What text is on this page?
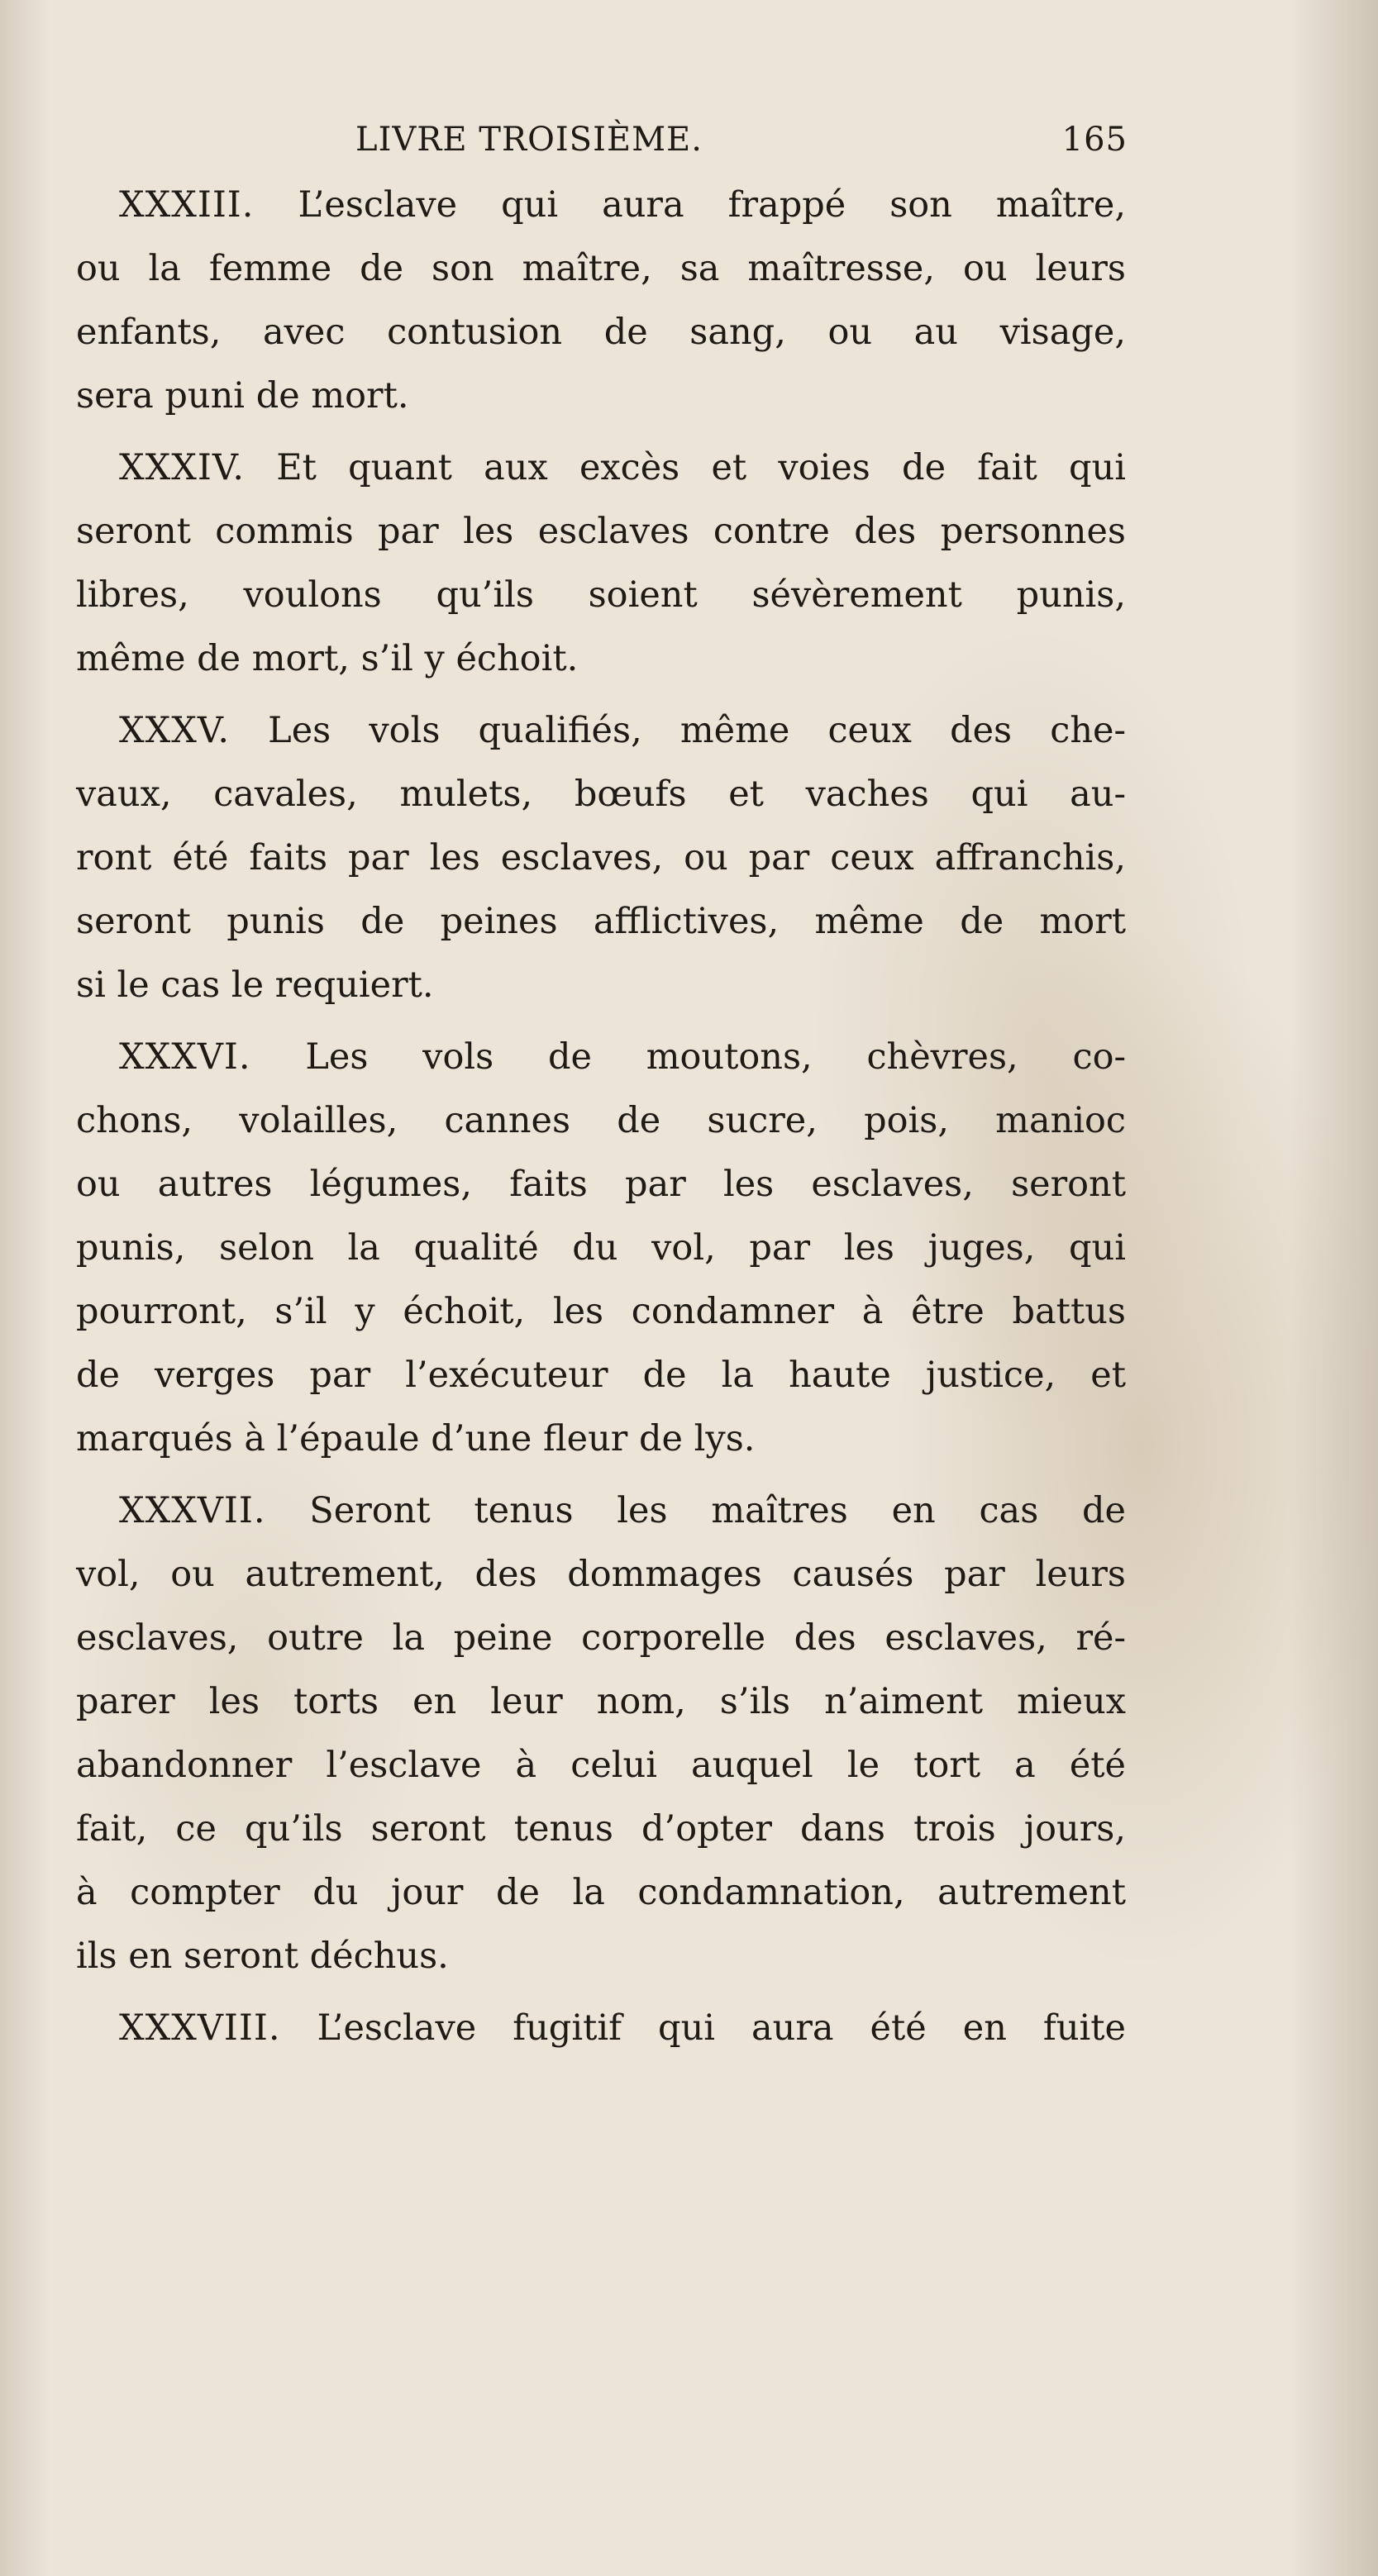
LIVRE TROISIÈME.	165
XXXIII. L’esclave qui aura frappé son maître,
ou la femme de son maître, sa maîtresse, ou leurs
enfants, avec contusion de sang, ou au visage,
sera puni de mort.
XXXIV. Et quant aux excès et voies de fait qui
seront commis par les esclaves contre des personnes
libres, voulons qu’ils soient sévèrement punis,
même de mort, s’il y échoit.
XXXV. Les vols qualifiés, même ceux des che-
vaux, cavales, mulets, bœufs et vaches qui au-
ront été faits par les esclaves, ou par ceux affranchis,
seront punis de peines afflictives, même de mort
si le cas le requiert.
XXXVI. Les vols de moutons, chèvres, co-
chons, volailles, cannes de sucre, pois, manioc
ou autres légumes, faits par les esclaves, seront
punis, selon la qualité du vol, par les juges, qui
pourront, s’il y échoit, les condamner à être battus
de verges par l’exécuteur de la haute justice, et
marqués à l’épaule d’une fleur de lys.
XXXVII. Seront tenus les maîtres en cas de
vol, ou autrement, des dommages causés par leurs
esclaves, outre la peine corporelle des esclaves, ré-
parer les torts en leur nom, s’ils n’aiment mieux
abandonner l’esclave à celui auquel le tort a été
fait, ce qu’ils seront tenus d’opter dans trois jours,
à compter du jour de la condamnation, autrement
ils en seront déchus.
XXXVIII. L’esclave fugitif qui aura été en fuite
